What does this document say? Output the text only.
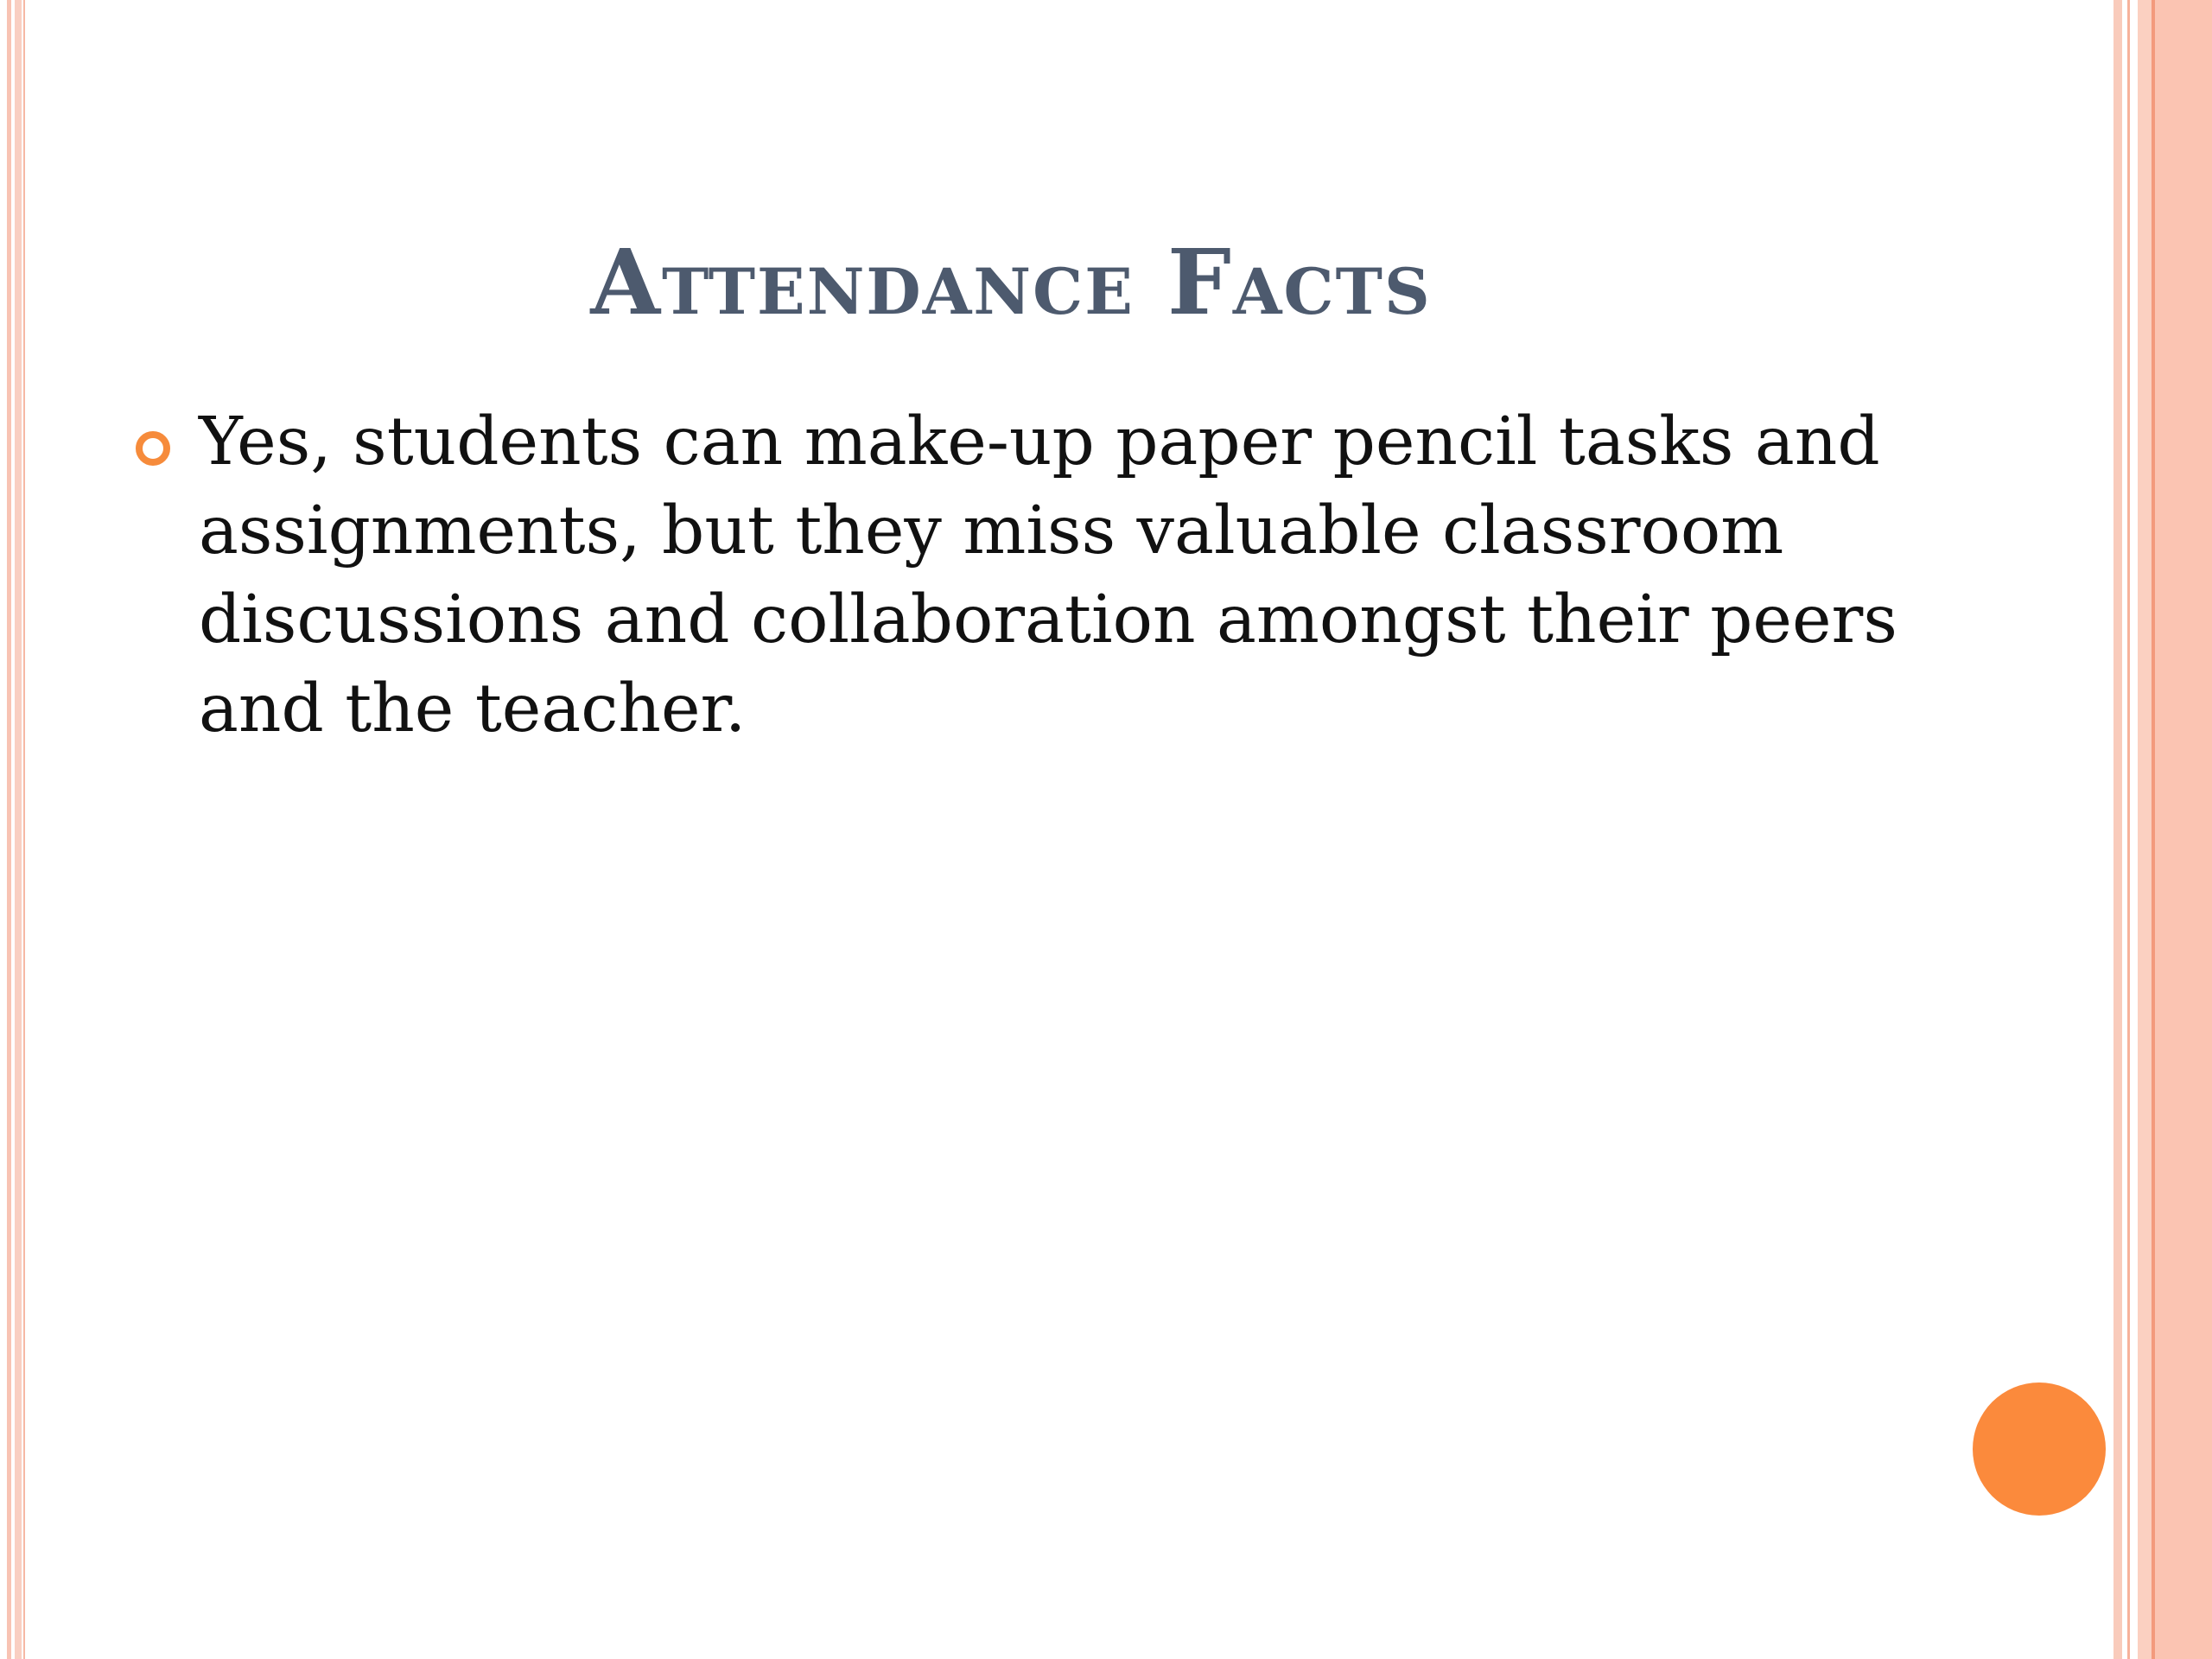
Attendance Facts
Yes, students can make-up paper pencil tasks and assignments, but they miss valuable classroom discussions and collaboration amongst their peers and the teacher.
